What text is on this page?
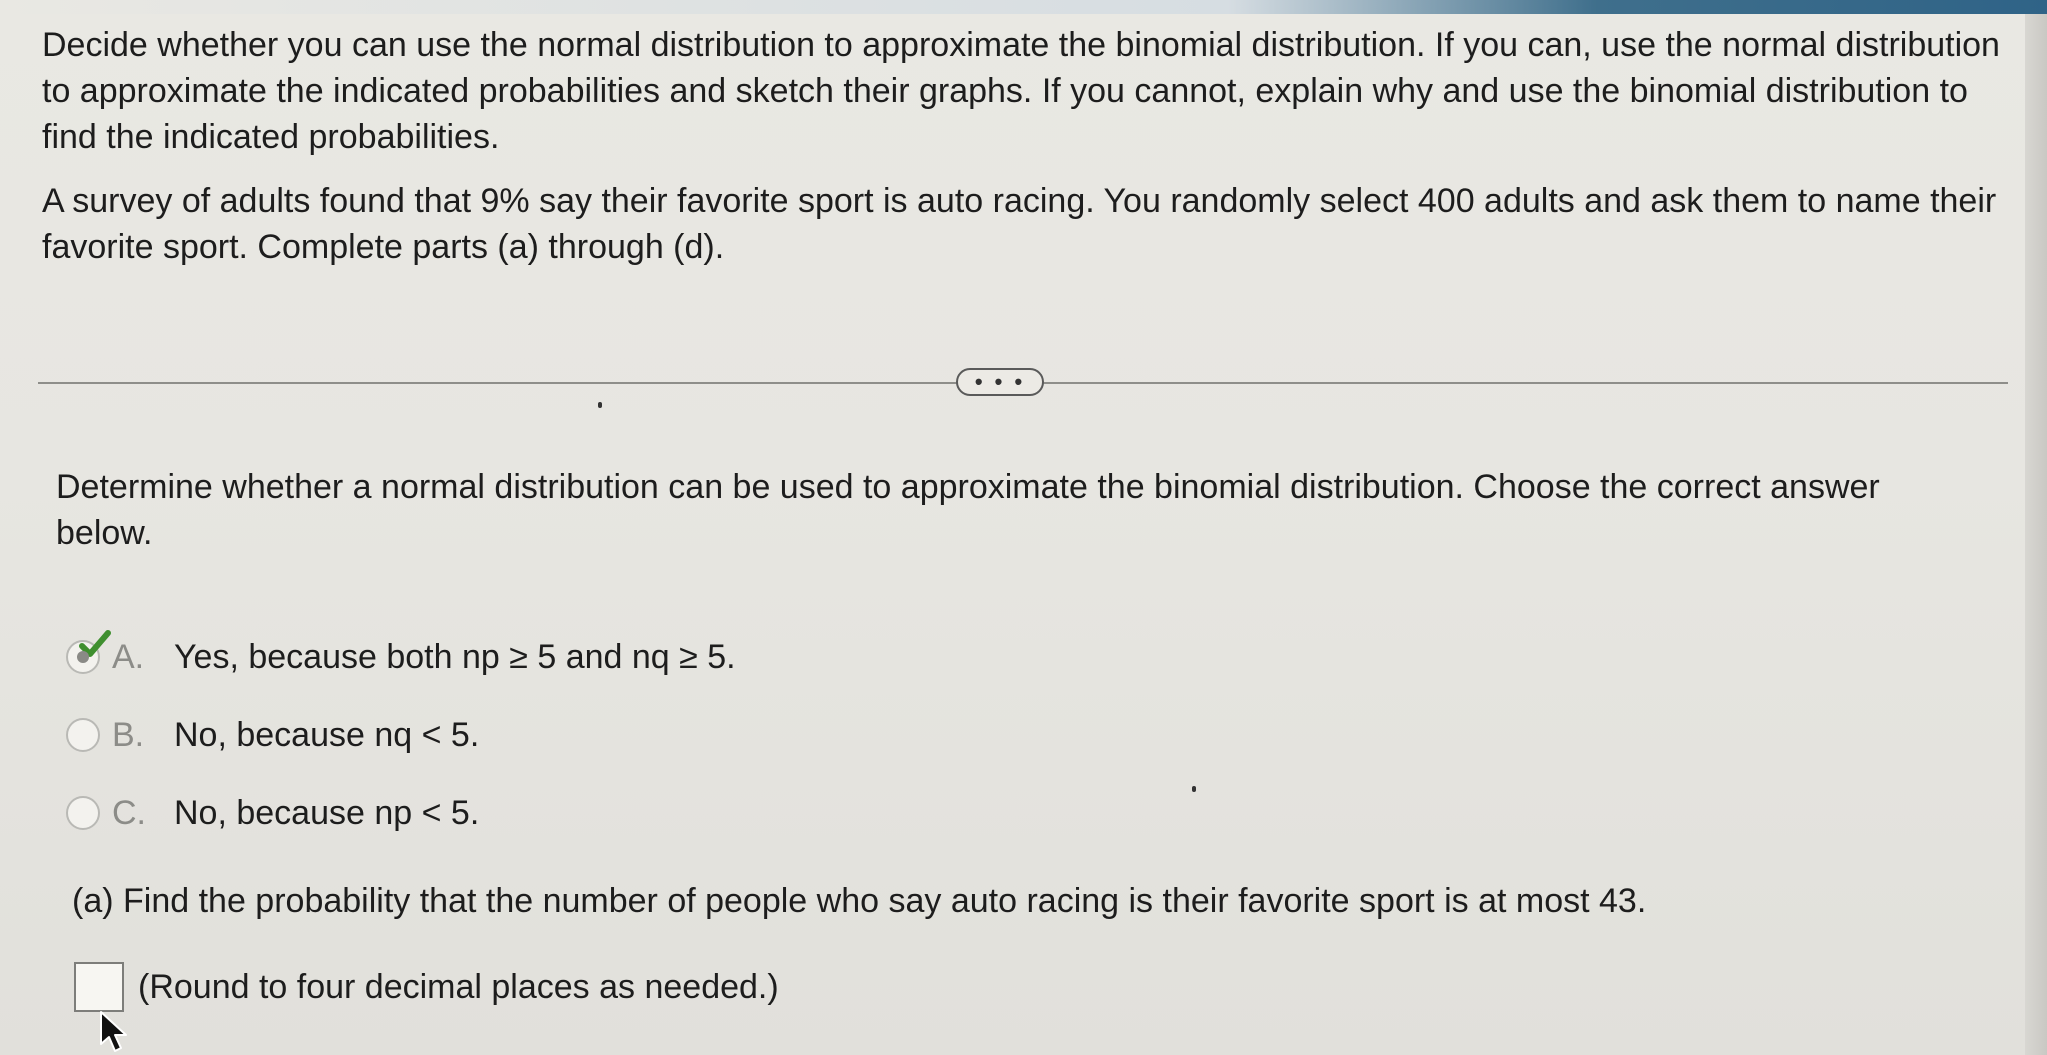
Decide whether you can use the normal distribution to approximate the binomial distribution. If you can, use the normal distribution to approximate the indicated probabilities and sketch their graphs. If you cannot, explain why and use the binomial distribution to find the indicated probabilities.

A survey of adults found that 9% say their favorite sport is auto racing. You randomly select 400 adults and ask them to name their favorite sport. Complete parts (a) through (d).

• • •
Determine whether a normal distribution can be used to approximate the binomial distribution. Choose the correct answer below.
A. Yes, because both np ≥ 5 and nq ≥ 5.
B. No, because nq < 5.
C. No, because np < 5.
(a) Find the probability that the number of people who say auto racing is their favorite sport is at most 43.
(Round to four decimal places as needed.)
